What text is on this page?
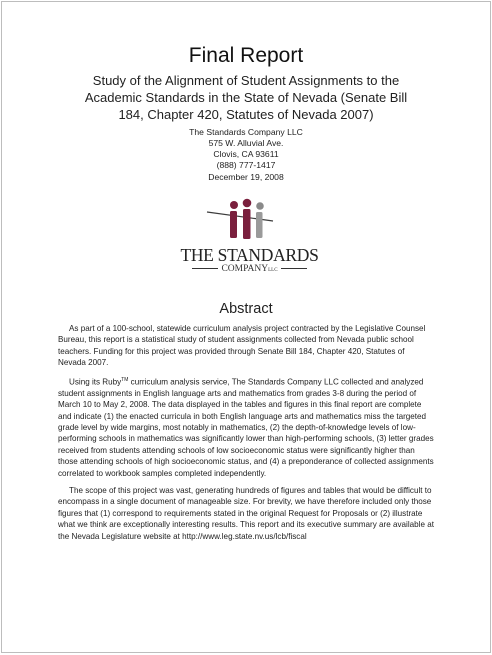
Final Report
Study of the Alignment of Student Assignments to the Academic Standards in the State of Nevada (Senate Bill 184, Chapter 420, Statutes of Nevada 2007)
The Standards Company LLC
575 W. Alluvial Ave.
Clovis, CA 93611
(888) 777-1417
December 19, 2008
THE STANDARDS
COMPANYLLC
Abstract

As part of a 100-school, statewide curriculum analysis project contracted by the Legislative Counsel Bureau, this report is a statistical study of student assignments collected from Nevada public school teachers. Funding for this project was provided through Senate Bill 184, Chapter 420, Statutes of Nevada 2007.

Using its Ruby™ curriculum analysis service, The Standards Company LLC collected and analyzed student assignments in English language arts and mathematics from grades 3-8 during the period of March 10 to May 2, 2008. The data displayed in the tables and figures in this final report are complete and indicate (1) the enacted curricula in both English language arts and mathematics miss the targeted grade level by wide margins, most notably in mathematics, (2) the depth-of-knowledge levels of low-performing schools in mathematics was significantly lower than high-performing schools, (3) letter grades received from students attending schools of low socioeconomic status were significantly higher than those attending schools of high socioeconomic status, and (4) a preponderance of collected assignments correlated to workbook samples completed independently.

The scope of this project was vast, generating hundreds of figures and tables that would be difficult to encompass in a single document of manageable size. For brevity, we have therefore included only those figures that (1) correspond to requirements stated in the original Request for Proposals or (2) illustrate what we think are exceptionally interesting results. This report and its executive summary are available at the Nevada Legislature website at http://www.leg.state.nv.us/lcb/fiscal
